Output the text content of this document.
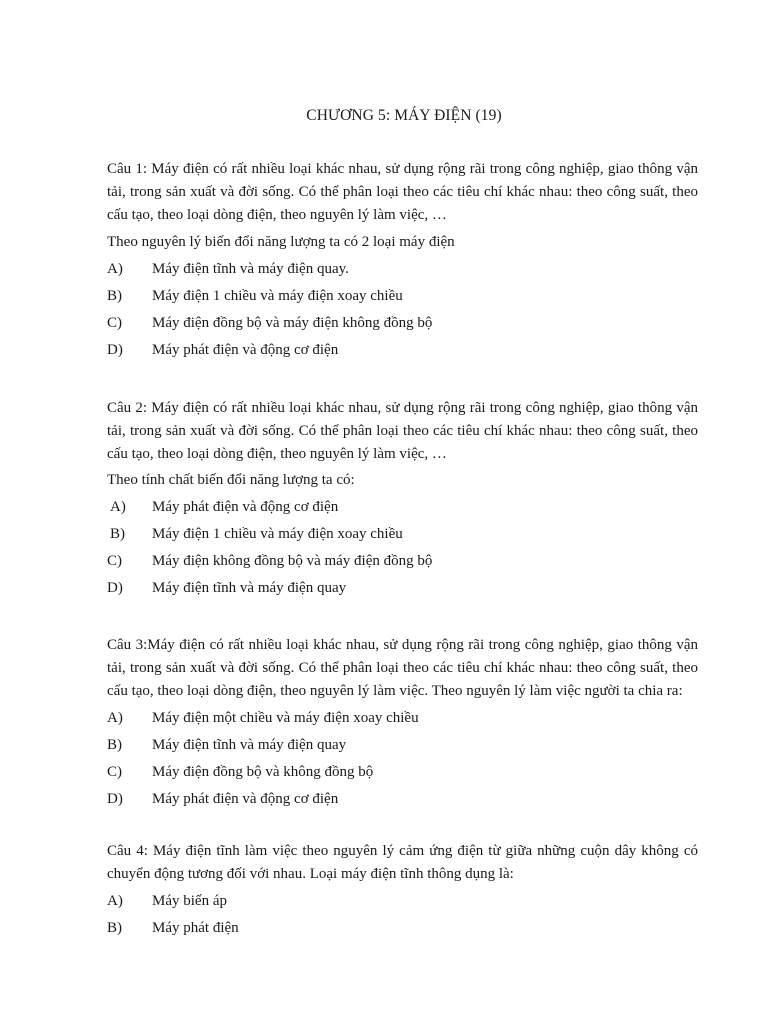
CHƯƠNG 5: MÁY ĐIỆN (19)

Câu 1: Máy điện có rất nhiều loại khác nhau, sử dụng rộng rãi trong công nghiệp, giao thông vận tải, trong sản xuất và đời sống. Có thể phân loại theo các tiêu chí khác nhau: theo công suất, theo cấu tạo, theo loại dòng điện, theo nguyên lý làm việc, …

Theo nguyên lý biến đổi năng lượng ta có 2 loại máy điện

A) Máy điện tĩnh và máy điện quay.
B) Máy điện 1 chiều và máy điện xoay chiều
C) Máy điện đồng bộ và máy điện không đồng bộ
D) Máy phát điện và động cơ điện

Câu 2: Máy điện có rất nhiều loại khác nhau, sử dụng rộng rãi trong công nghiệp, giao thông vận tải, trong sản xuất và đời sống. Có thể phân loại theo các tiêu chí khác nhau: theo công suất, theo cấu tạo, theo loại dòng điện, theo nguyên lý làm việc, …

Theo tính chất biến đổi năng lượng ta có:

A) Máy phát điện và động cơ điện
B) Máy điện 1 chiều và máy điện xoay chiều
C) Máy điện không đồng bộ và máy điện đồng bộ
D) Máy điện tĩnh và máy điện quay

Câu 3:Máy điện có rất nhiều loại khác nhau, sử dụng rộng rãi trong công nghiệp, giao thông vận tải, trong sản xuất và đời sống. Có thể phân loại theo các tiêu chí khác nhau: theo công suất, theo cấu tạo, theo loại dòng điện, theo nguyên lý làm việc. Theo nguyên lý làm việc người ta chia ra:

A) Máy điện một chiều và máy điện xoay chiều
B) Máy điện tĩnh và máy điện quay
C) Máy điện đồng bộ và không đồng bộ
D) Máy phát điện và động cơ điện

Câu 4: Máy điện tĩnh làm việc theo nguyên lý cảm ứng điện từ giữa những cuộn dây không có chuyển động tương đối với nhau. Loại máy điện tĩnh thông dụng là:

A) Máy biến áp
B) Máy phát điện
